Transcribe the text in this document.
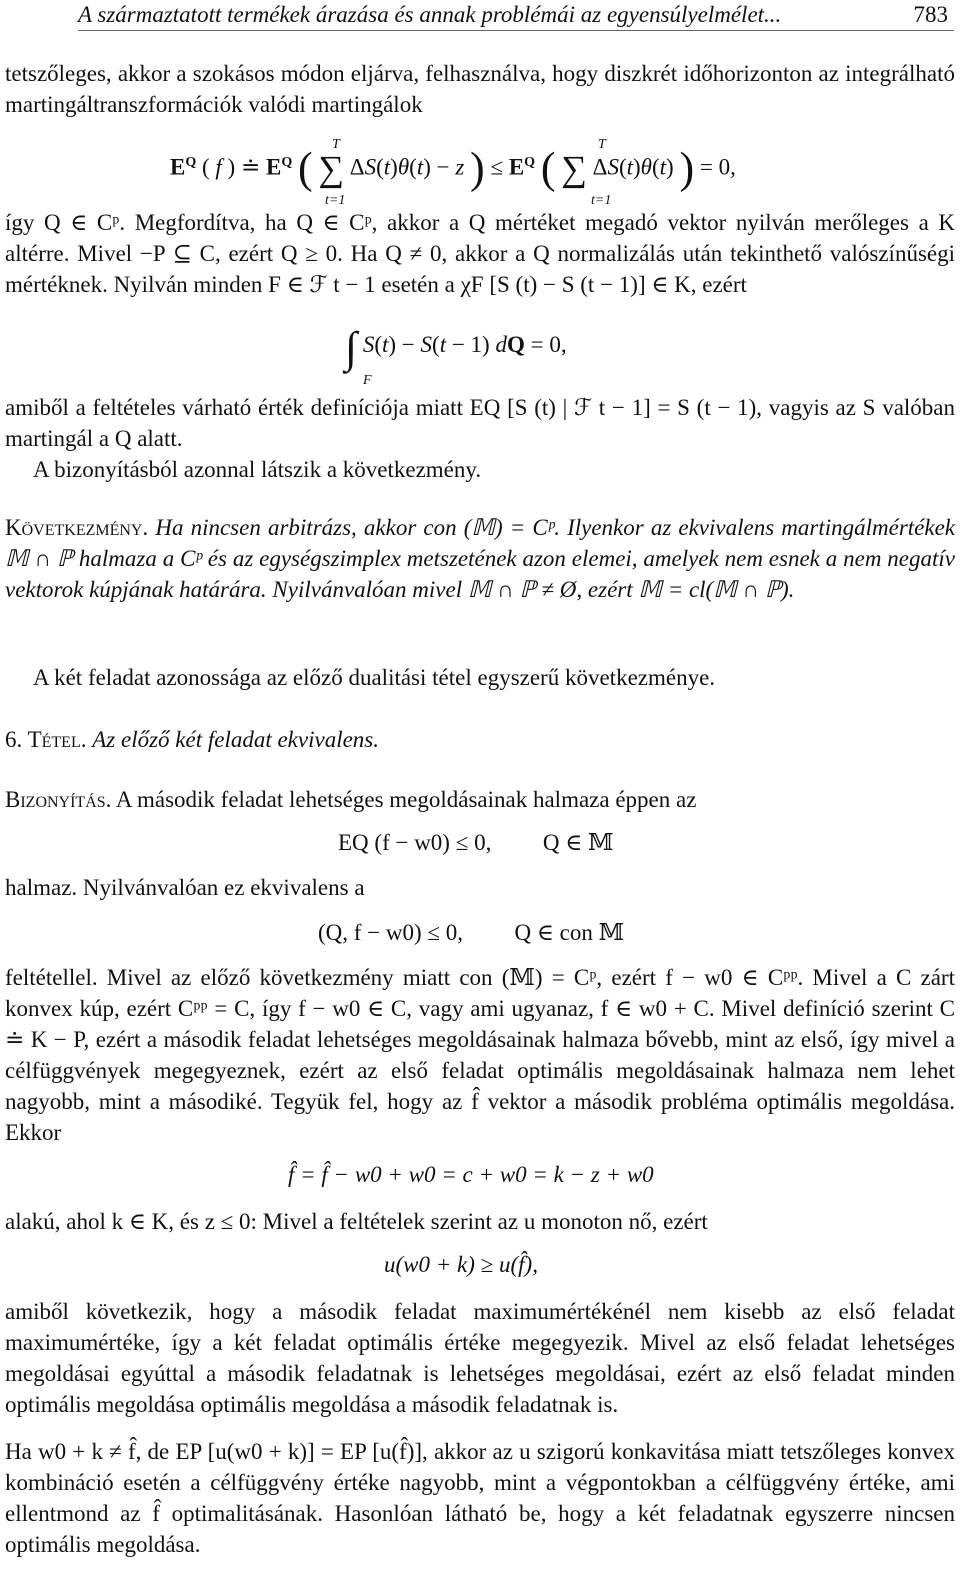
A származtatott termékek árazása és annak problémái az egyensúlyelmélet...	783

tetszőleges, akkor a szokásos módon eljárva, felhasználva, hogy diszkrét időhorizonton az integrálható martingáltranszformációk valódi martingálok

$E^Q$ ( f ) ≐ $E^Q$ ( ∑ ΔS(t)θ(t) − z ) ≤ $E^Q$ ( ∑ ΔS(t)θ(t) ) = 0,
T
t=1
T
t=1

így Q ∈ Cᵖ. Megfordítva, ha Q ∈ Cᵖ, akkor a Q mértéket megadó vektor nyilván merőleges a K altérre. Mivel −P ⊆ C, ezért Q ≥ 0. Ha Q ≠ 0, akkor a Q normalizálás után tekinthető valószínűségi mértéknek. Nyilván minden F ∈ ℱ t − 1 esetén a χF [S (t) − S (t − 1)] ∈ K, ezért

∫ S(t) − S(t − 1) dQ = 0,
F

amiből a feltételes várható érték definíciója miatt EQ [S (t) | ℱ t − 1] = S (t − 1), vagyis az S valóban martingál a Q alatt.

A bizonyításból azonnal látszik a következmény.

Következmény. Ha nincsen arbitrázs, akkor con (𝕄) = Cᵖ. Ilyenkor az ekvivalens martingálmértékek 𝕄 ∩ ℙ halmaza a Cᵖ és az egységszimplex metszetének azon elemei, amelyek nem esnek a nem negatív vektorok kúpjának határára. Nyilvánvalóan mivel 𝕄 ∩ ℙ ≠ Ø, ezért 𝕄 = cl(𝕄 ∩ ℙ).

A két feladat azonossága az előző dualitási tétel egyszerű következménye.

6. Tétel. Az előző két feladat ekvivalens.

Bizonyítás. A második feladat lehetséges megoldásainak halmaza éppen az

EQ (f − w0) ≤ 0, Q ∈ 𝕄

halmaz. Nyilvánvalóan ez ekvivalens a

(Q, f − w0) ≤ 0, Q ∈ con 𝕄

feltétellel. Mivel az előző következmény miatt con (𝕄) = Cᵖ, ezért f − w0 ∈ Cᵖᵖ. Mivel a C zárt konvex kúp, ezért Cᵖᵖ = C, így f − w0 ∈ C, vagy ami ugyanaz, f ∈ w0 + C. Mivel definíció szerint C ≐ K − P, ezért a második feladat lehetséges megoldásainak halmaza bővebb, mint az első, így mivel a célfüggvények megegyeznek, ezért az első feladat optimális megoldásainak halmaza nem lehet nagyobb, mint a másodiké. Tegyük fel, hogy az f̂ vektor a második probléma optimális megoldása. Ekkor

f̂ = f̂ − w0 + w0 = c + w0 = k − z + w0

alakú, ahol k ∈ K, és z ≤ 0: Mivel a feltételek szerint az u monoton nő, ezért

u(w0 + k) ≥ u(f̂),

amiből következik, hogy a második feladat maximumértékénél nem kisebb az első feladat maximumértéke, így a két feladat optimális értéke megegyezik. Mivel az első feladat lehetséges megoldásai egyúttal a második feladatnak is lehetséges megoldásai, ezért az első feladat minden optimális megoldása optimális megoldása a második feladatnak is.

Ha w0 + k ≠ f̂, de EP [u(w0 + k)] = EP [u(f̂)], akkor az u szigorú konkavitása miatt tetszőleges konvex kombináció esetén a célfüggvény értéke nagyobb, mint a végpontokban a célfüggvény értéke, ami ellentmond az f̂ optimalitásának. Hasonlóan látható be, hogy a két feladatnak egyszerre nincsen optimális megoldása.
